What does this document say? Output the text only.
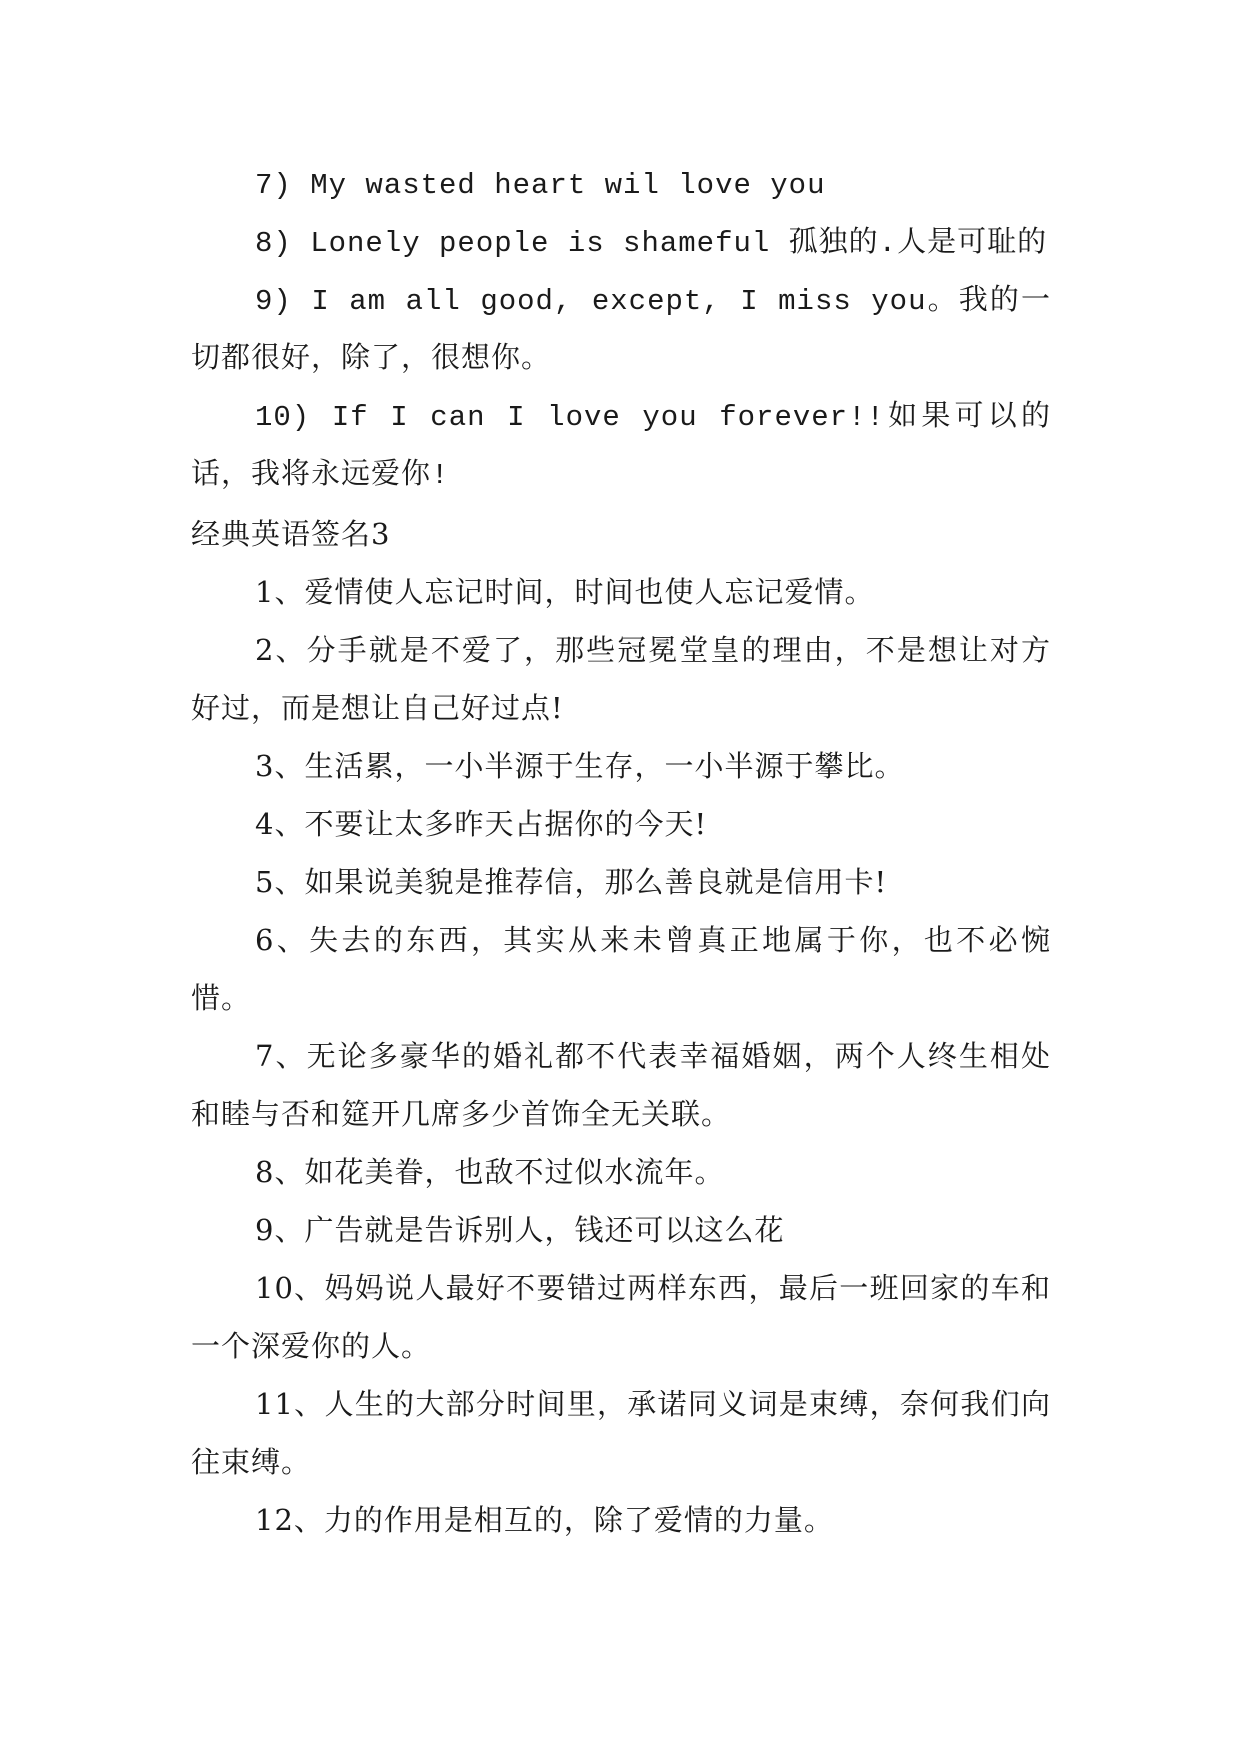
7) My wasted heart wil love you

8) Lonely people is shameful 孤独的.人是可耻的

9) I am all good, except, I miss you。我的一切都很好，除了，很想你。

10) If I can I love you forever!!如果可以的话，我将永远爱你!

经典英语签名3

1、爱情使人忘记时间，时间也使人忘记爱情。

2、分手就是不爱了，那些冠冕堂皇的理由，不是想让对方好过，而是想让自己好过点!

3、生活累，一小半源于生存，一小半源于攀比。

4、不要让太多昨天占据你的今天!

5、如果说美貌是推荐信，那么善良就是信用卡!

6、失去的东西，其实从来未曾真正地属于你，也不必惋惜。

7、无论多豪华的婚礼都不代表幸福婚姻，两个人终生相处和睦与否和筵开几席多少首饰全无关联。

8、如花美眷，也敌不过似水流年。

9、广告就是告诉别人，钱还可以这么花

10、妈妈说人最好不要错过两样东西，最后一班回家的车和一个深爱你的人。

11、人生的大部分时间里，承诺同义词是束缚，奈何我们向往束缚。

12、力的作用是相互的，除了爱情的力量。
